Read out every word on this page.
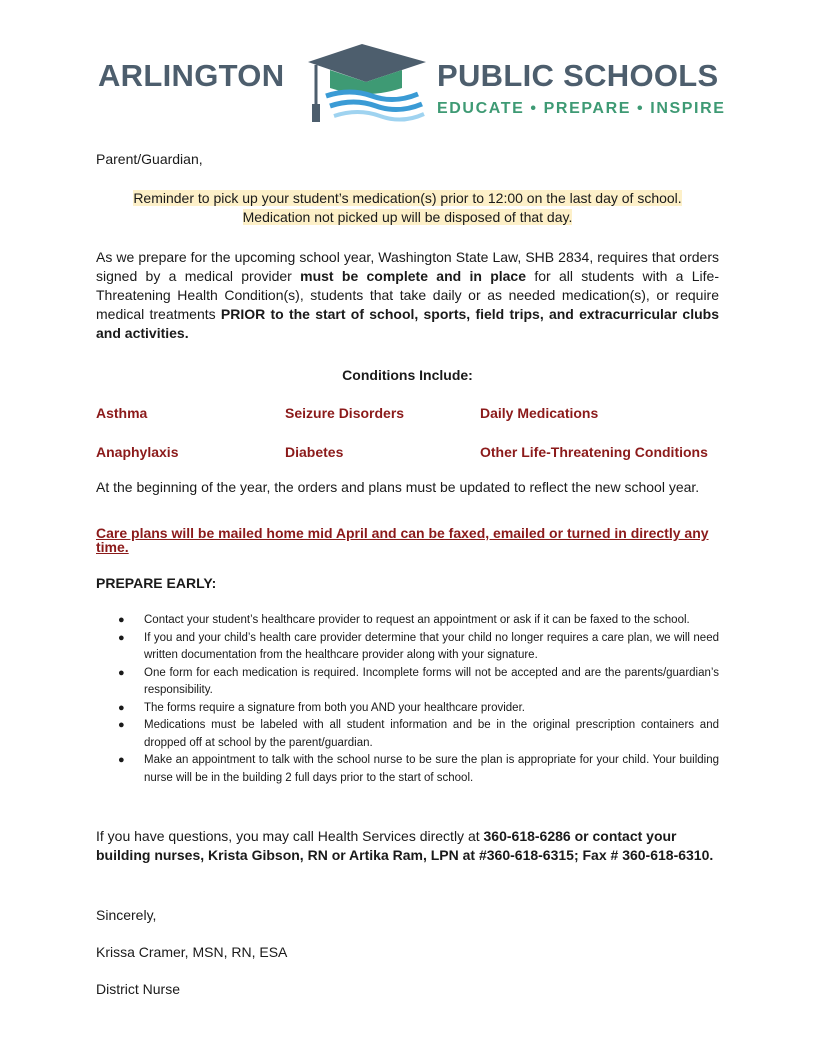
ARLINGTON	PUBLIC SCHOOLS
EDUCATE • PREPARE • INSPIRE
Parent/Guardian,
Reminder to pick up your student’s medication(s) prior to 12:00 on the last day of school.
Medication not picked up will be disposed of that day.
As we prepare for the upcoming school year, Washington State Law, SHB 2834, requires that orders signed by a medical provider must be complete and in place for all students with a Life-Threatening Health Condition(s), students that take daily or as needed medication(s), or require medical treatments PRIOR to the start of school, sports, field trips, and extracurricular clubs and activities.
Conditions Include:
Asthma	Seizure Disorders	Daily Medications
Anaphylaxis	Diabetes	Other Life-Threatening Conditions
At the beginning of the year, the orders and plans must be updated to reflect the new school year.
Care plans will be mailed home mid April and can be faxed, emailed or turned in directly any time.
PREPARE EARLY:
● Contact your student’s healthcare provider to request an appointment or ask if it can be faxed to the school.
● If you and your child’s health care provider determine that your child no longer requires a care plan, we will need written documentation from the healthcare provider along with your signature.
● One form for each medication is required. Incomplete forms will not be accepted and are the parents/guardian’s responsibility.
● The forms require a signature from both you AND your healthcare provider.
● Medications must be labeled with all student information and be in the original prescription containers and dropped off at school by the parent/guardian.
● Make an appointment to talk with the school nurse to be sure the plan is appropriate for your child. Your building nurse will be in the building 2 full days prior to the start of school.
If you have questions, you may call Health Services directly at 360-618-6286 or contact your building nurses, Krista Gibson, RN or Artika Ram, LPN at #360-618-6315; Fax # 360-618-6310.
Sincerely,
Krissa Cramer, MSN, RN, ESA
District Nurse
